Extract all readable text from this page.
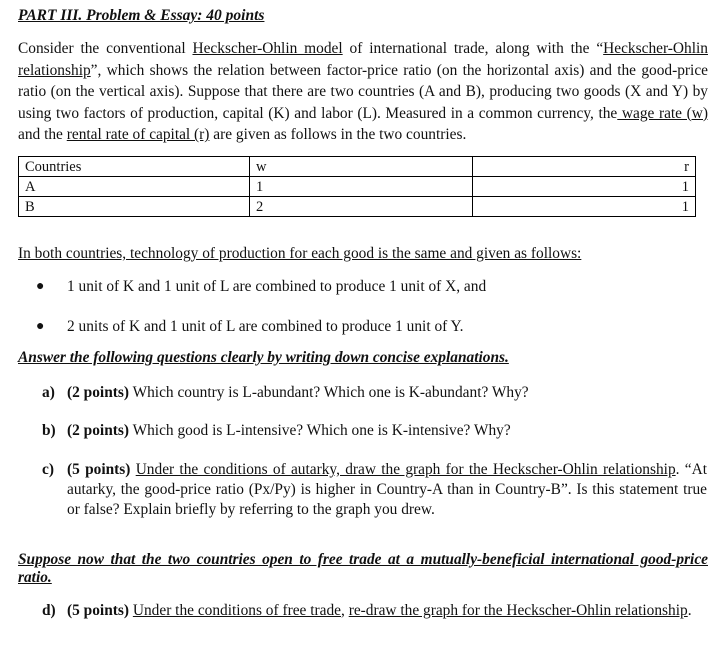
PART III. Problem & Essay: 40 points
Consider the conventional Heckscher-Ohlin model of international trade, along with the “Heckscher-Ohlin relationship”, which shows the relation between factor-price ratio (on the horizontal axis) and the good-price ratio (on the vertical axis). Suppose that there are two countries (A and B), producing two goods (X and Y) by using two factors of production, capital (K) and labor (L). Measured in a common currency, the wage rate (w) and the rental rate of capital (r) are given as follows in the two countries.
Countries	w	r
A	1	1
B	2	1
In both countries, technology of production for each good is the same and given as follows:
● 1 unit of K and 1 unit of L are combined to produce 1 unit of X, and
● 2 units of K and 1 unit of L are combined to produce 1 unit of Y.
Answer the following questions clearly by writing down concise explanations.
a) (2 points) Which country is L-abundant? Which one is K-abundant? Why?
b) (2 points) Which good is L-intensive? Which one is K-intensive? Why?
c) (5 points) Under the conditions of autarky, draw the graph for the Heckscher-Ohlin relationship. “At autarky, the good-price ratio (Px/Py) is higher in Country-A than in Country-B”. Is this statement true or false? Explain briefly by referring to the graph you drew.
Suppose now that the two countries open to free trade at a mutually-beneficial international good-price ratio.
d) (5 points) Under the conditions of free trade, re-draw the graph for the Heckscher-Ohlin relationship.
